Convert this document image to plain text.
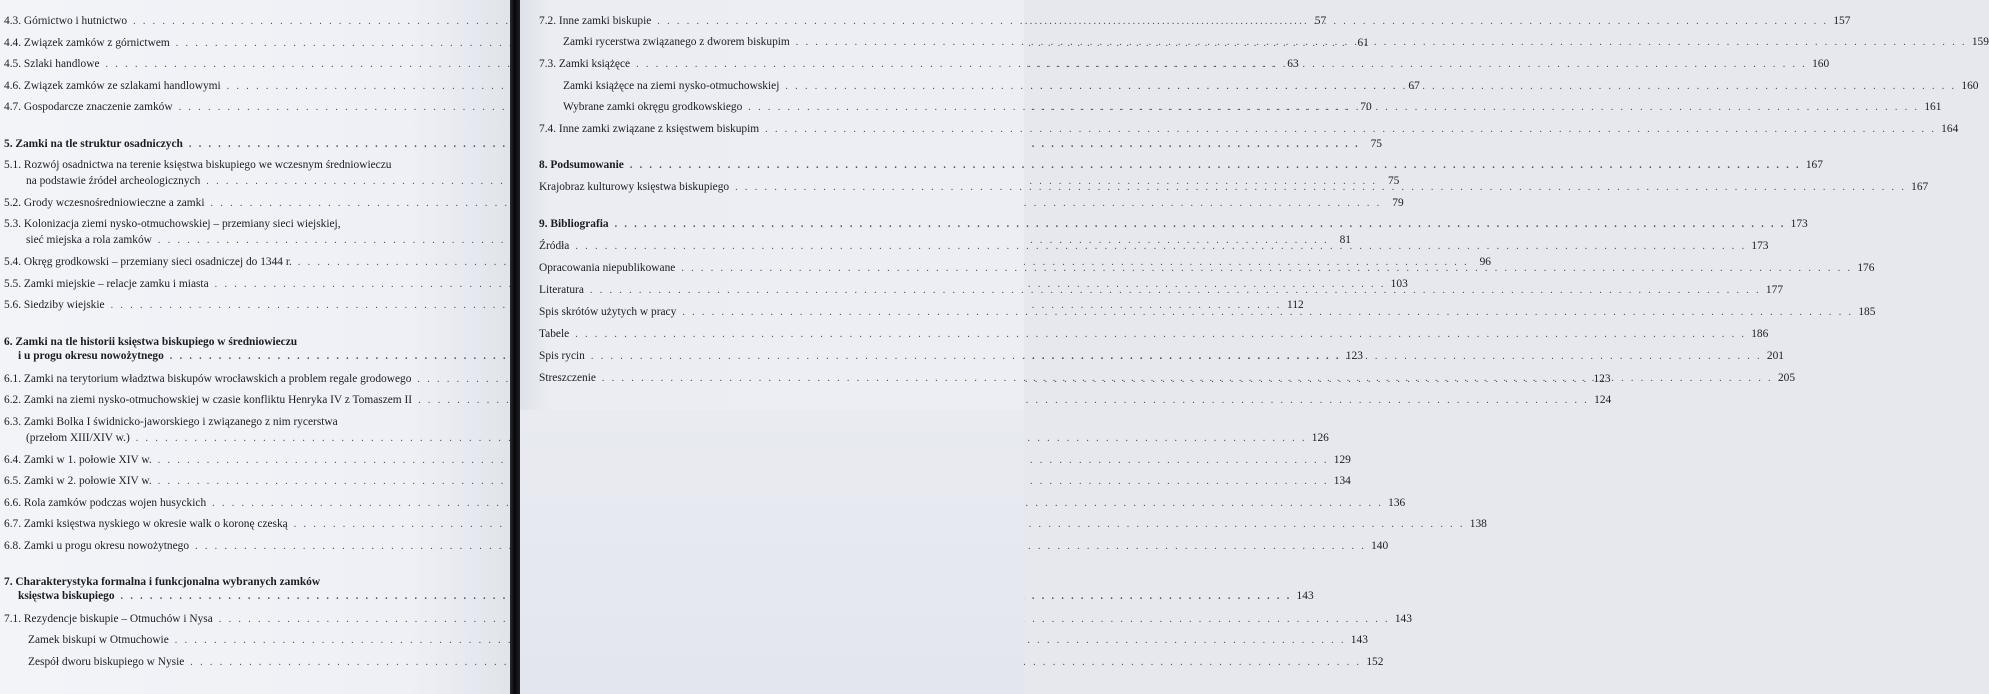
4.3. Górnictwo i hutnictwo . . .	57
4.4. Związek zamków z górnictwem . . .	61
4.5. Szlaki handlowe . . .	63
4.6. Związek zamków ze szlakami handlowymi . . .	67
4.7. Gospodarcze znaczenie zamków . . .	70
5. Zamki na tle struktur osadniczych . . .	75
5.1. Rozwój osadnictwa na terenie księstwa biskupiego we wczesnym średniowieczu
na podstawie źródeł archeologicznych . . .	75
5.2. Grody wczesnośredniowieczne a zamki . . .	79
5.3. Kolonizacja ziemi nysko-otmuchowskiej – przemiany sieci wiejskiej,
sieć miejska a rola zamków . . .	81
5.4. Okręg grodkowski – przemiany sieci osadniczej do 1344 r. . . .	96
5.5. Zamki miejskie – relacje zamku i miasta . . .	103
5.6. Siedziby wiejskie . . .	112
6. Zamki na tle historii księstwa biskupiego w średniowieczu
i u progu okresu nowożytnego . . .	123
6.1. Zamki na terytorium władztwa biskupów wrocławskich a problem regale grodowego . . .	123
6.2. Zamki na ziemi nysko-otmuchowskiej w czasie konfliktu Henryka IV z Tomaszem II . . .	124
6.3. Zamki Bolka I świdnicko-jaworskiego i związanego z nim rycerstwa
(przełom XIII/XIV w.) . . .	126
6.4. Zamki w 1. połowie XIV w. . . .	129
6.5. Zamki w 2. połowie XIV w. . . .	134
6.6. Rola zamków podczas wojen husyckich . . .	136
6.7. Zamki księstwa nyskiego w okresie walk o koronę czeską . . .	138
6.8. Zamki u progu okresu nowożytnego . . .	140
7. Charakterystyka formalna i funkcjonalna wybranych zamków
księstwa biskupiego . . .	143
7.1. Rezydencje biskupie – Otmuchów i Nysa . . .	143
Zamek biskupi w Otmuchowie . . .	143
Zespół dworu biskupiego w Nysie . . .	152
7.2. Inne zamki biskupie . . .	157
Zamki rycerstwa związanego z dworem biskupim . . .	159
7.3. Zamki książęce . . .	160
Zamki książęce na ziemi nysko-otmuchowskiej . . .	160
Wybrane zamki okręgu grodkowskiego . . .	161
7.4. Inne zamki związane z księstwem biskupim . . .	164
8. Podsumowanie . . .	167
Krajobraz kulturowy księstwa biskupiego . . .	167
9. Bibliografia . . .	173
Źródła . . .	173
Opracowania niepublikowane . . .	176
Literatura . . .	177
Spis skrótów użytych w pracy . . .	185
Tabele . . .	186
Spis rycin . . .	201
Streszczenie . . .	205
